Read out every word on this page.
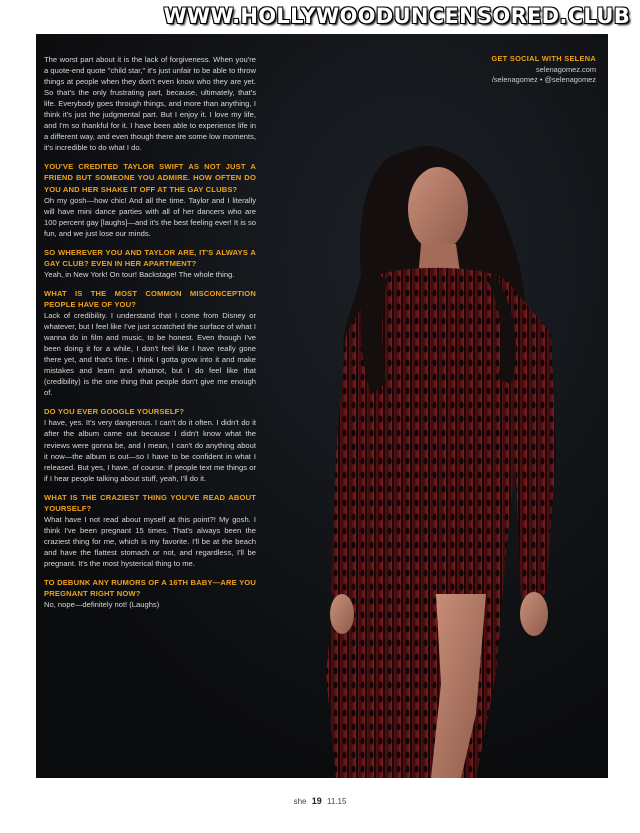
WWW.HOLLYWOODUNCENSORED.CLUB

The worst part about it is the lack of forgiveness. When you're a quote-end quote "child star," it's just unfair to be able to throw things at people when they don't even know who they are yet. So that's the only frustrating part, because, ultimately, that's life. Everybody goes through things, and more than anything, I think it's just the judgmental part. But I enjoy it. I love my life, and I'm so thankful for it. I have been able to experience life in a different way, and even though there are some low moments, it's incredible to do what I do.

YOU'VE CREDITED TAYLOR SWIFT AS NOT JUST A FRIEND BUT SOMEONE YOU ADMIRE. HOW OFTEN DO YOU AND HER SHAKE IT OFF AT THE GAY CLUBS?

Oh my gosh—how chic! And all the time. Taylor and I literally will have mini dance parties with all of her dancers who are 100 percent gay [laughs]—and it's the best feeling ever! It is so fun, and we just lose our minds.

SO WHEREVER YOU AND TAYLOR ARE, IT'S ALWAYS A GAY CLUB? EVEN IN HER APARTMENT?

Yeah, in New York! On tour! Backstage! The whole thing.

WHAT IS THE MOST COMMON MISCONCEPTION PEOPLE HAVE OF YOU?

Lack of credibility. I understand that I come from Disney or whatever, but I feel like I've just scratched the surface of what I wanna do in film and music, to be honest. Even though I've been doing it for a while, I don't feel like I have really gone there yet, and that's fine. I think I gotta grow into it and make mistakes and learn and whatnot, but I do feel like that (credibility) is the one thing that people don't give me enough of.

DO YOU EVER GOOGLE YOURSELF?

I have, yes. It's very dangerous. I can't do it often. I didn't do it after the album came out because I didn't know what the reviews were gonna be, and I mean, I can't do anything about it now—the album is out—so I have to be confident in what I released. But yes, I have, of course. If people text me things or if I hear people talking about stuff, yeah, I'll do it.

WHAT IS THE CRAZIEST THING YOU'VE READ ABOUT YOURSELF?

What have I not read about myself at this point?! My gosh. I think I've been pregnant 15 times. That's always been the craziest thing for me, which is my favorite. I'll be at the beach and have the flattest stomach or not, and regardless, I'll be pregnant. It's the most hysterical thing to me.

TO DEBUNK ANY RUMORS OF A 16TH BABY—ARE YOU PREGNANT RIGHT NOW?

No, nope—definitely not! (Laughs)

GET SOCIAL WITH SELENA
selenagomez.com
/selenagomez • @selenagomez
she 19 11.15
